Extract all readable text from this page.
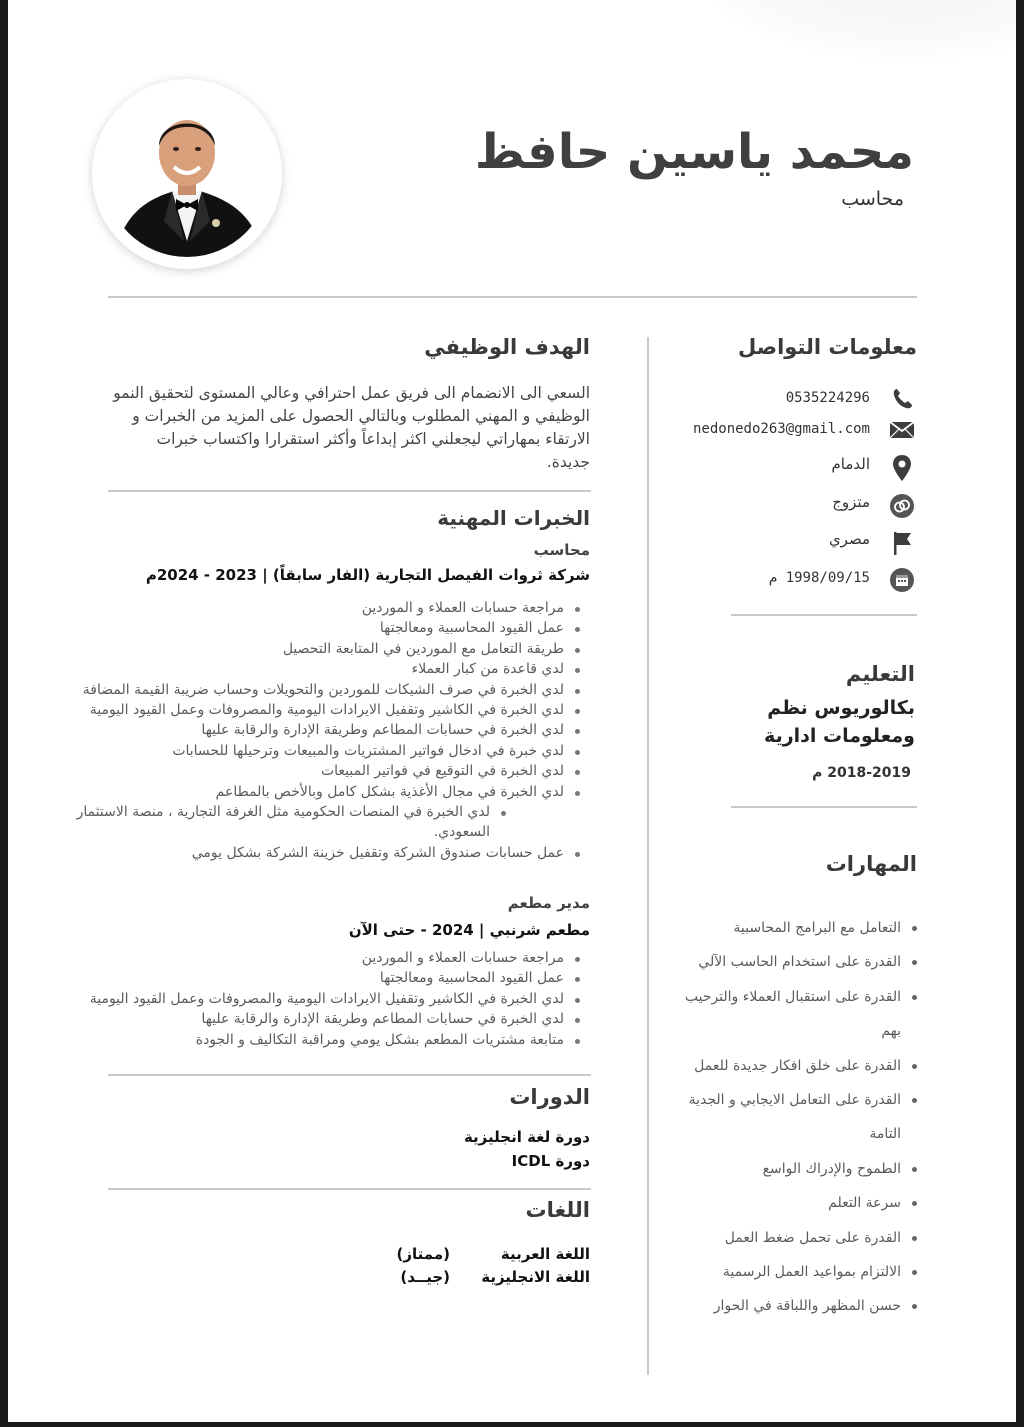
محمد ياسين حافظ
محاسب
معلومات التواصل
0535224296
nedonedo263@gmail.com
الدمام
متزوج
مصري
1998/09/15 م
التعليم
بكالوريوس نظم
ومعلومات ادارية
2018-2019 م
المهارات
التعامل مع البرامج المحاسبية
القدرة على استخدام الحاسب الآلي
القدرة على استقبال العملاء والترحيب بهم
القدرة على خلق افكار جديدة للعمل
القدرة على التعامل الايجابي و الجدية التامة
الطموح والإدراك الواسع
سرعة التعلم
القدرة على تحمل ضغط العمل
الالتزام بمواعيد العمل الرسمية
حسن المظهر واللباقة في الحوار
الهدف الوظيفي
السعي الى الانضمام الى فريق عمل احترافي وعالي المستوى لتحقيق النمو الوظيفي و المهني المطلوب وبالتالي الحصول على المزيد من الخبرات و الارتقاء بمهاراتي ليجعلني اكثر إبداعاً وأكثر استقرارا واكتساب خبرات جديدة.
الخبرات المهنية
محاسب
شركة ثروات الفيصل التجارية (الفار سابقاً) | 2023 - 2024م
مراجعة حسابات العملاء و الموردين
عمل القيود المحاسبية ومعالجتها
طريقة التعامل مع الموردين في المتابعة التحصيل
لدي قاعدة من كبار العملاء
لدي الخبرة في صرف الشيكات للموردين والتحويلات وحساب ضريبة القيمة المضافة
لدي الخبرة في الكاشير وتقفيل الايرادات اليومية والمصروفات وعمل القيود اليومية
لدي الخبرة في حسابات المطاعم وطريقة الإدارة والرقابة عليها
لدي خبرة في ادخال فواتير المشتريات والمبيعات وترحيلها للحسابات
لدي الخبرة في التوقيع في فواتير المبيعات
لدي الخبرة في مجال الأغذية بشكل كامل وبالأخص بالمطاعم
لدي الخبرة في المنصات الحكومية مثل الغرفة التجارية ، منصة الاستثمار السعودي.
عمل حسابات صندوق الشركة وتقفيل خزينة الشركة بشكل يومي
مدير مطعم
مطعم شرنبي | 2024 - حتى الآن
مراجعة حسابات العملاء و الموردين
عمل القيود المحاسبية ومعالجتها
لدي الخبرة في الكاشير وتقفيل الايرادات اليومية والمصروفات وعمل القيود اليومية
لدي الخبرة في حسابات المطاعم وطريقة الإدارة والرقابة عليها
متابعة مشتريات المطعم بشكل يومي ومراقبة التكاليف و الجودة
الدورات
دورة لغة انجليزية
دورة ICDL
اللغات
اللغة العربية
(ممتاز)
اللغة الانجليزية
(جيــد)
